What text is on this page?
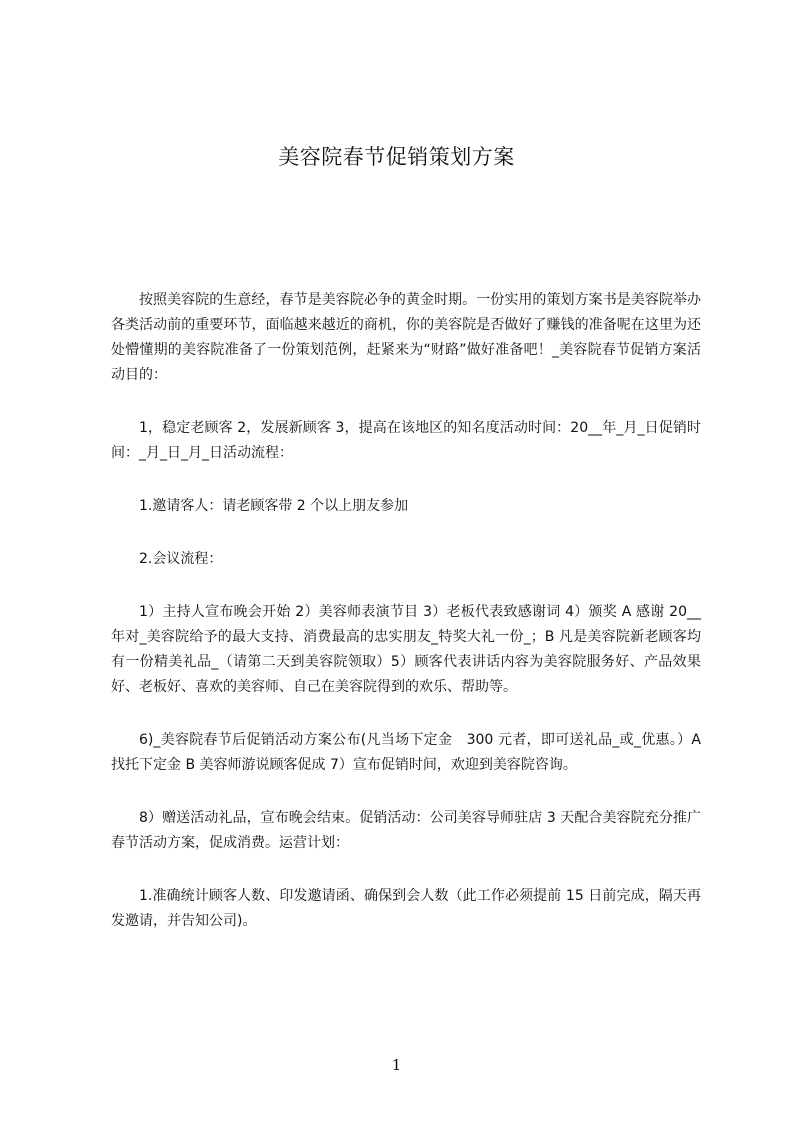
美容院春节促销策划方案

按照美容院的生意经，春节是美容院必争的黄金时期。一份实用的策划方案书是美容院举办各类活动前的重要环节，面临越来越近的商机，你的美容院是否做好了赚钱的准备呢在这里为还处懵懂期的美容院准备了一份策划范例，赶紧来为“财路”做好准备吧！_美容院春节促销方案活动目的：

1，稳定老顾客 2，发展新顾客 3，提高在该地区的知名度活动时间：20__年_月_日促销时间：_月_日_月_日活动流程：

1.邀请客人：请老顾客带 2 个以上朋友参加

2.会议流程：

1）主持人宣布晚会开始 2）美容师表演节目 3）老板代表致感谢词 4）颁奖 A 感谢 20__年对_美容院给予的最大支持、消费最高的忠实朋友_特奖大礼一份_；B 凡是美容院新老顾客均有一份精美礼品_（请第二天到美容院领取）5）顾客代表讲话内容为美容院服务好、产品效果好、老板好、喜欢的美容师、自己在美容院得到的欢乐、帮助等。

6)_美容院春节后促销活动方案公布(凡当场下定金　300 元者，即可送礼品_或_优惠。）A 找托下定金 B 美容师游说顾客促成 7）宣布促销时间，欢迎到美容院咨询。

8）赠送活动礼品，宣布晚会结束。促销活动：公司美容导师驻店 3 天配合美容院充分推广春节活动方案，促成消费。运营计划：

1.准确统计顾客人数、印发邀请函、确保到会人数（此工作必须提前 15 日前完成，隔天再发邀请，并告知公司)。

1
